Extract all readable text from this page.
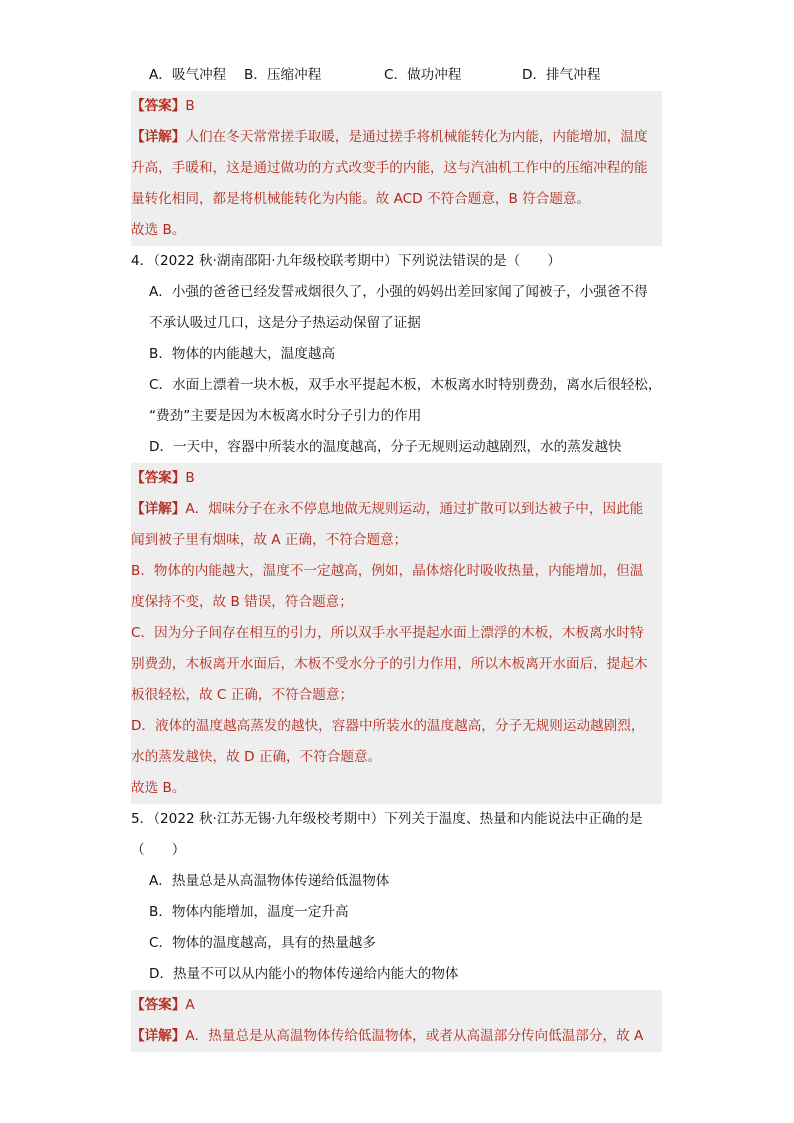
A．吸气冲程	B．压缩冲程	C．做功冲程	D．排气冲程
【答案】B
【详解】人们在冬天常常搓手取暖，是通过搓手将机械能转化为内能，内能增加，温度
升高，手暖和，这是通过做功的方式改变手的内能，这与汽油机工作中的压缩冲程的能
量转化相同，都是将机械能转化为内能。故 ACD 不符合题意，B 符合题意。
故选 B。
4．（2022 秋·湖南邵阳·九年级校联考期中）下列说法错误的是（　　）
A．小强的爸爸已经发誓戒烟很久了，小强的妈妈出差回家闻了闻被子，小强爸不得
不承认吸过几口，这是分子热运动保留了证据
B．物体的内能越大，温度越高
C．水面上漂着一块木板，双手水平提起木板，木板离水时特别费劲，离水后很轻松，
“费劲”主要是因为木板离水时分子引力的作用
D．一天中，容器中所装水的温度越高，分子无规则运动越剧烈，水的蒸发越快
【答案】B
【详解】A．烟味分子在永不停息地做无规则运动，通过扩散可以到达被子中，因此能
闻到被子里有烟味，故 A 正确，不符合题意；
B．物体的内能越大，温度不一定越高，例如，晶体熔化时吸收热量，内能增加，但温
度保持不变，故 B 错误，符合题意；
C．因为分子间存在相互的引力，所以双手水平提起水面上漂浮的木板，木板离水时特
别费劲，木板离开水面后，木板不受水分子的引力作用，所以木板离开水面后，提起木
板很轻松，故 C 正确，不符合题意；
D．液体的温度越高蒸发的越快，容器中所装水的温度越高，分子无规则运动越剧烈，
水的蒸发越快，故 D 正确，不符合题意。
故选 B。
5．（2022 秋·江苏无锡·九年级校考期中）下列关于温度、热量和内能说法中正确的是
（　　）
A．热量总是从高温物体传递给低温物体
B．物体内能增加，温度一定升高
C．物体的温度越高，具有的热量越多
D．热量不可以从内能小的物体传递给内能大的物体
【答案】A
【详解】A．热量总是从高温物体传给低温物体，或者从高温部分传向低温部分，故 A
